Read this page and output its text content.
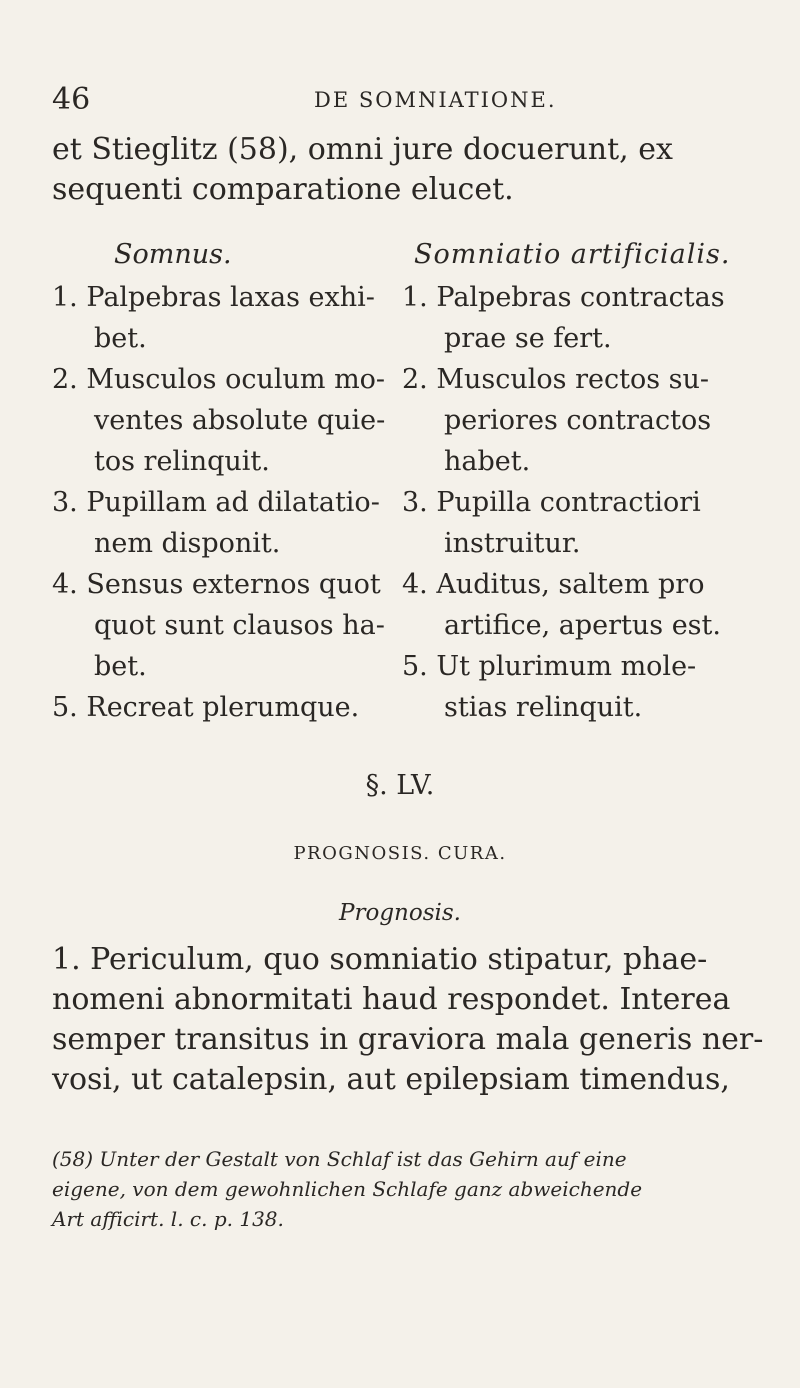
46	DE SOMNIATIONE.
et Stieglitz (58), omni jure docuerunt, ex
sequenti comparatione elucet.
Somnus.
1. Palpebras laxas exhi-
bet.
2. Musculos oculum mo-
ventes absolute quie-
tos relinquit.
3. Pupillam ad dilatatio-
nem disponit.
4. Sensus externos quot
quot sunt clausos ha-
bet.
5. Recreat plerumque.
Somniatio artificialis.
1. Palpebras contractas
prae se fert.
2. Musculos rectos su-
periores contractos
habet.
3. Pupilla contractiori
instruitur.
4. Auditus, saltem pro
artifice, apertus est.
5. Ut plurimum mole-
stias relinquit.
§. LV.
PROGNOSIS. CURA.
Prognosis.
1. Periculum, quo somniatio stipatur, phae-
nomeni abnormitati haud respondet. Interea
semper transitus in graviora mala generis ner-
vosi, ut catalepsin, aut epilepsiam timendus,
(58) Unter der Gestalt von Schlaf ist das Gehirn auf eine
eigene, von dem gewohnlichen Schlafe ganz abweichende
Art afficirt. l. c. p. 138.
